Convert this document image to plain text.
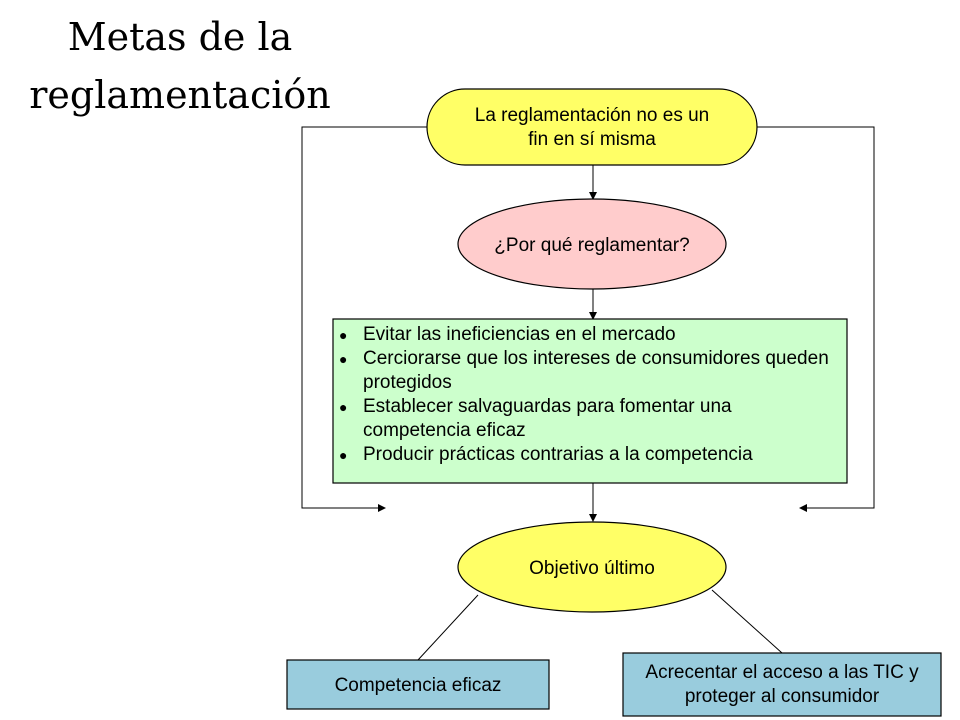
Metas de la
reglamentación	La reglamentación no es un
fin en sí misma
¿Por qué reglamentar?
Objetivo último
Competencia eficaz
Acrecentar el acceso a las TIC y
proteger al consumidor
● Evitar las ineficiencias en el mercado
● Cerciorarse que los intereses de consumidores queden protegidos
● Establecer salvaguardas para fomentar una competencia eficaz
● Producir prácticas contrarias a la competencia
